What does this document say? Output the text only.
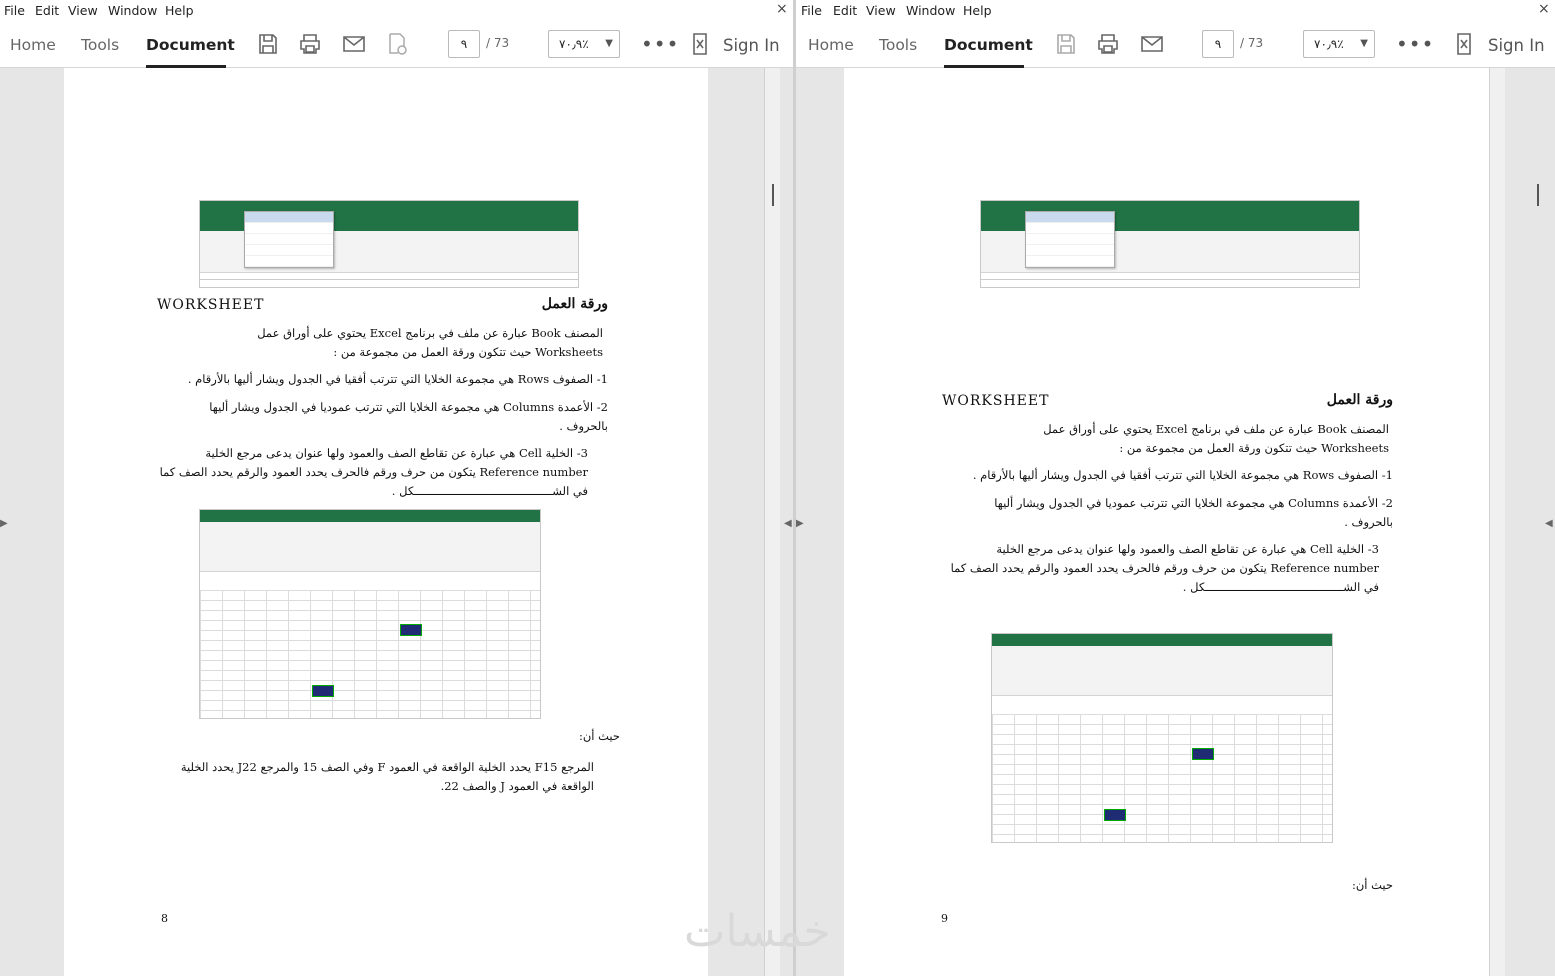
File Edit View Window Help	×
Home Tools Document	٩	/ 73	٧٠٫٩٪ ▼ •••	Sign In
▶
ورقة العمل
WORKSHEET
المصنف Book عبارة عن ملف في برنامج Excel يحتوي على أوراق عمل Worksheets حيث تتكون ورقة العمل من مجموعة من :
1- الصفوف Rows هي مجموعة الخلايا التي تترتب أفقيا في الجدول ويشار أليها بالأرقام .
2- الأعمدة Columns هي مجموعة الخلايا التي تترتب عموديا في الجدول ويشار أليها بالحروف .
3- الخلية Cell هي عبارة عن تقاطع الصف والعمود ولها عنوان يدعى مرجع الخلية Reference number يتكون من حرف ورقم فالحرف يحدد العمود والرقم يحدد الصف كما في الشـــــــــــــــــــــــــــــــــــــــــكل .
حيث أن:
المرجع F15 يحدد الخلية الواقعة في العمود F وفي الصف 15 والمرجع J22 يحدد الخلية الواقعة في العمود J والصف 22.
8
◀
File Edit View Window Help	×
Home Tools Document	٩	/ 73	٧٠٫٩٪ ▼ •••	Sign In
ورقة العمل
WORKSHEET
المصنف Book عبارة عن ملف في برنامج Excel يحتوي على أوراق عمل Worksheets حيث تتكون ورقة العمل من مجموعة من :
1- الصفوف Rows هي مجموعة الخلايا التي تترتب أفقيا في الجدول ويشار أليها بالأرقام .
2- الأعمدة Columns هي مجموعة الخلايا التي تترتب عموديا في الجدول ويشار أليها بالحروف .
3- الخلية Cell هي عبارة عن تقاطع الصف والعمود ولها عنوان يدعى مرجع الخلية Reference number يتكون من حرف ورقم فالحرف يحدد العمود والرقم يحدد الصف كما في الشـــــــــــــــــــــــــــــــــــــــــكل .
حيث أن:
9
▶	◀
خمسات
